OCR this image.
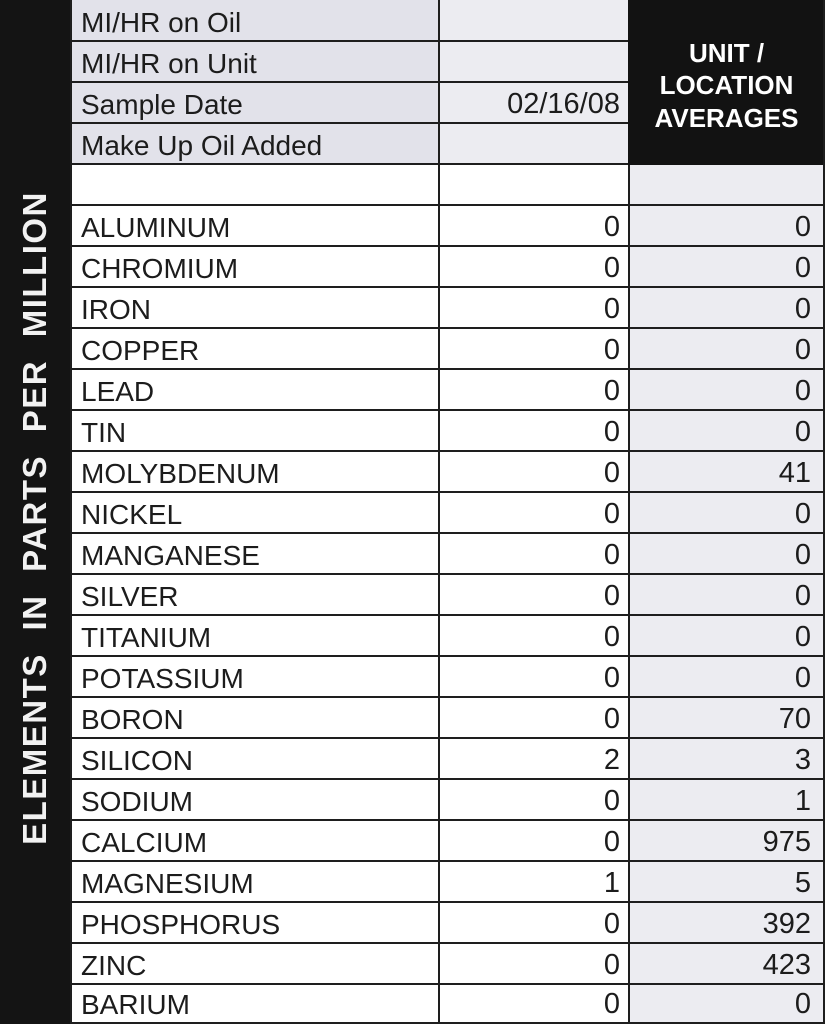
ELEMENTS IN PARTS PER MILLION
MI/HR on Oil
MI/HR on Unit
Sample Date
Make Up Oil Added
ALUMINUM
CHROMIUM
IRON
COPPER
LEAD
TIN
MOLYBDENUM
NICKEL
MANGANESE
SILVER
TITANIUM
POTASSIUM
BORON
SILICON
SODIUM
CALCIUM
MAGNESIUM
PHOSPHORUS
ZINC
BARIUM
02/16/08
0
0
0
0
0
0
0
0
0
0
0
0
0
2
0
0
1
0
0
0
UNIT /
LOCATION
AVERAGES
0
0
0
0
0
0
41
0
0
0
0
0
70
3
1
975
5
392
423
0
